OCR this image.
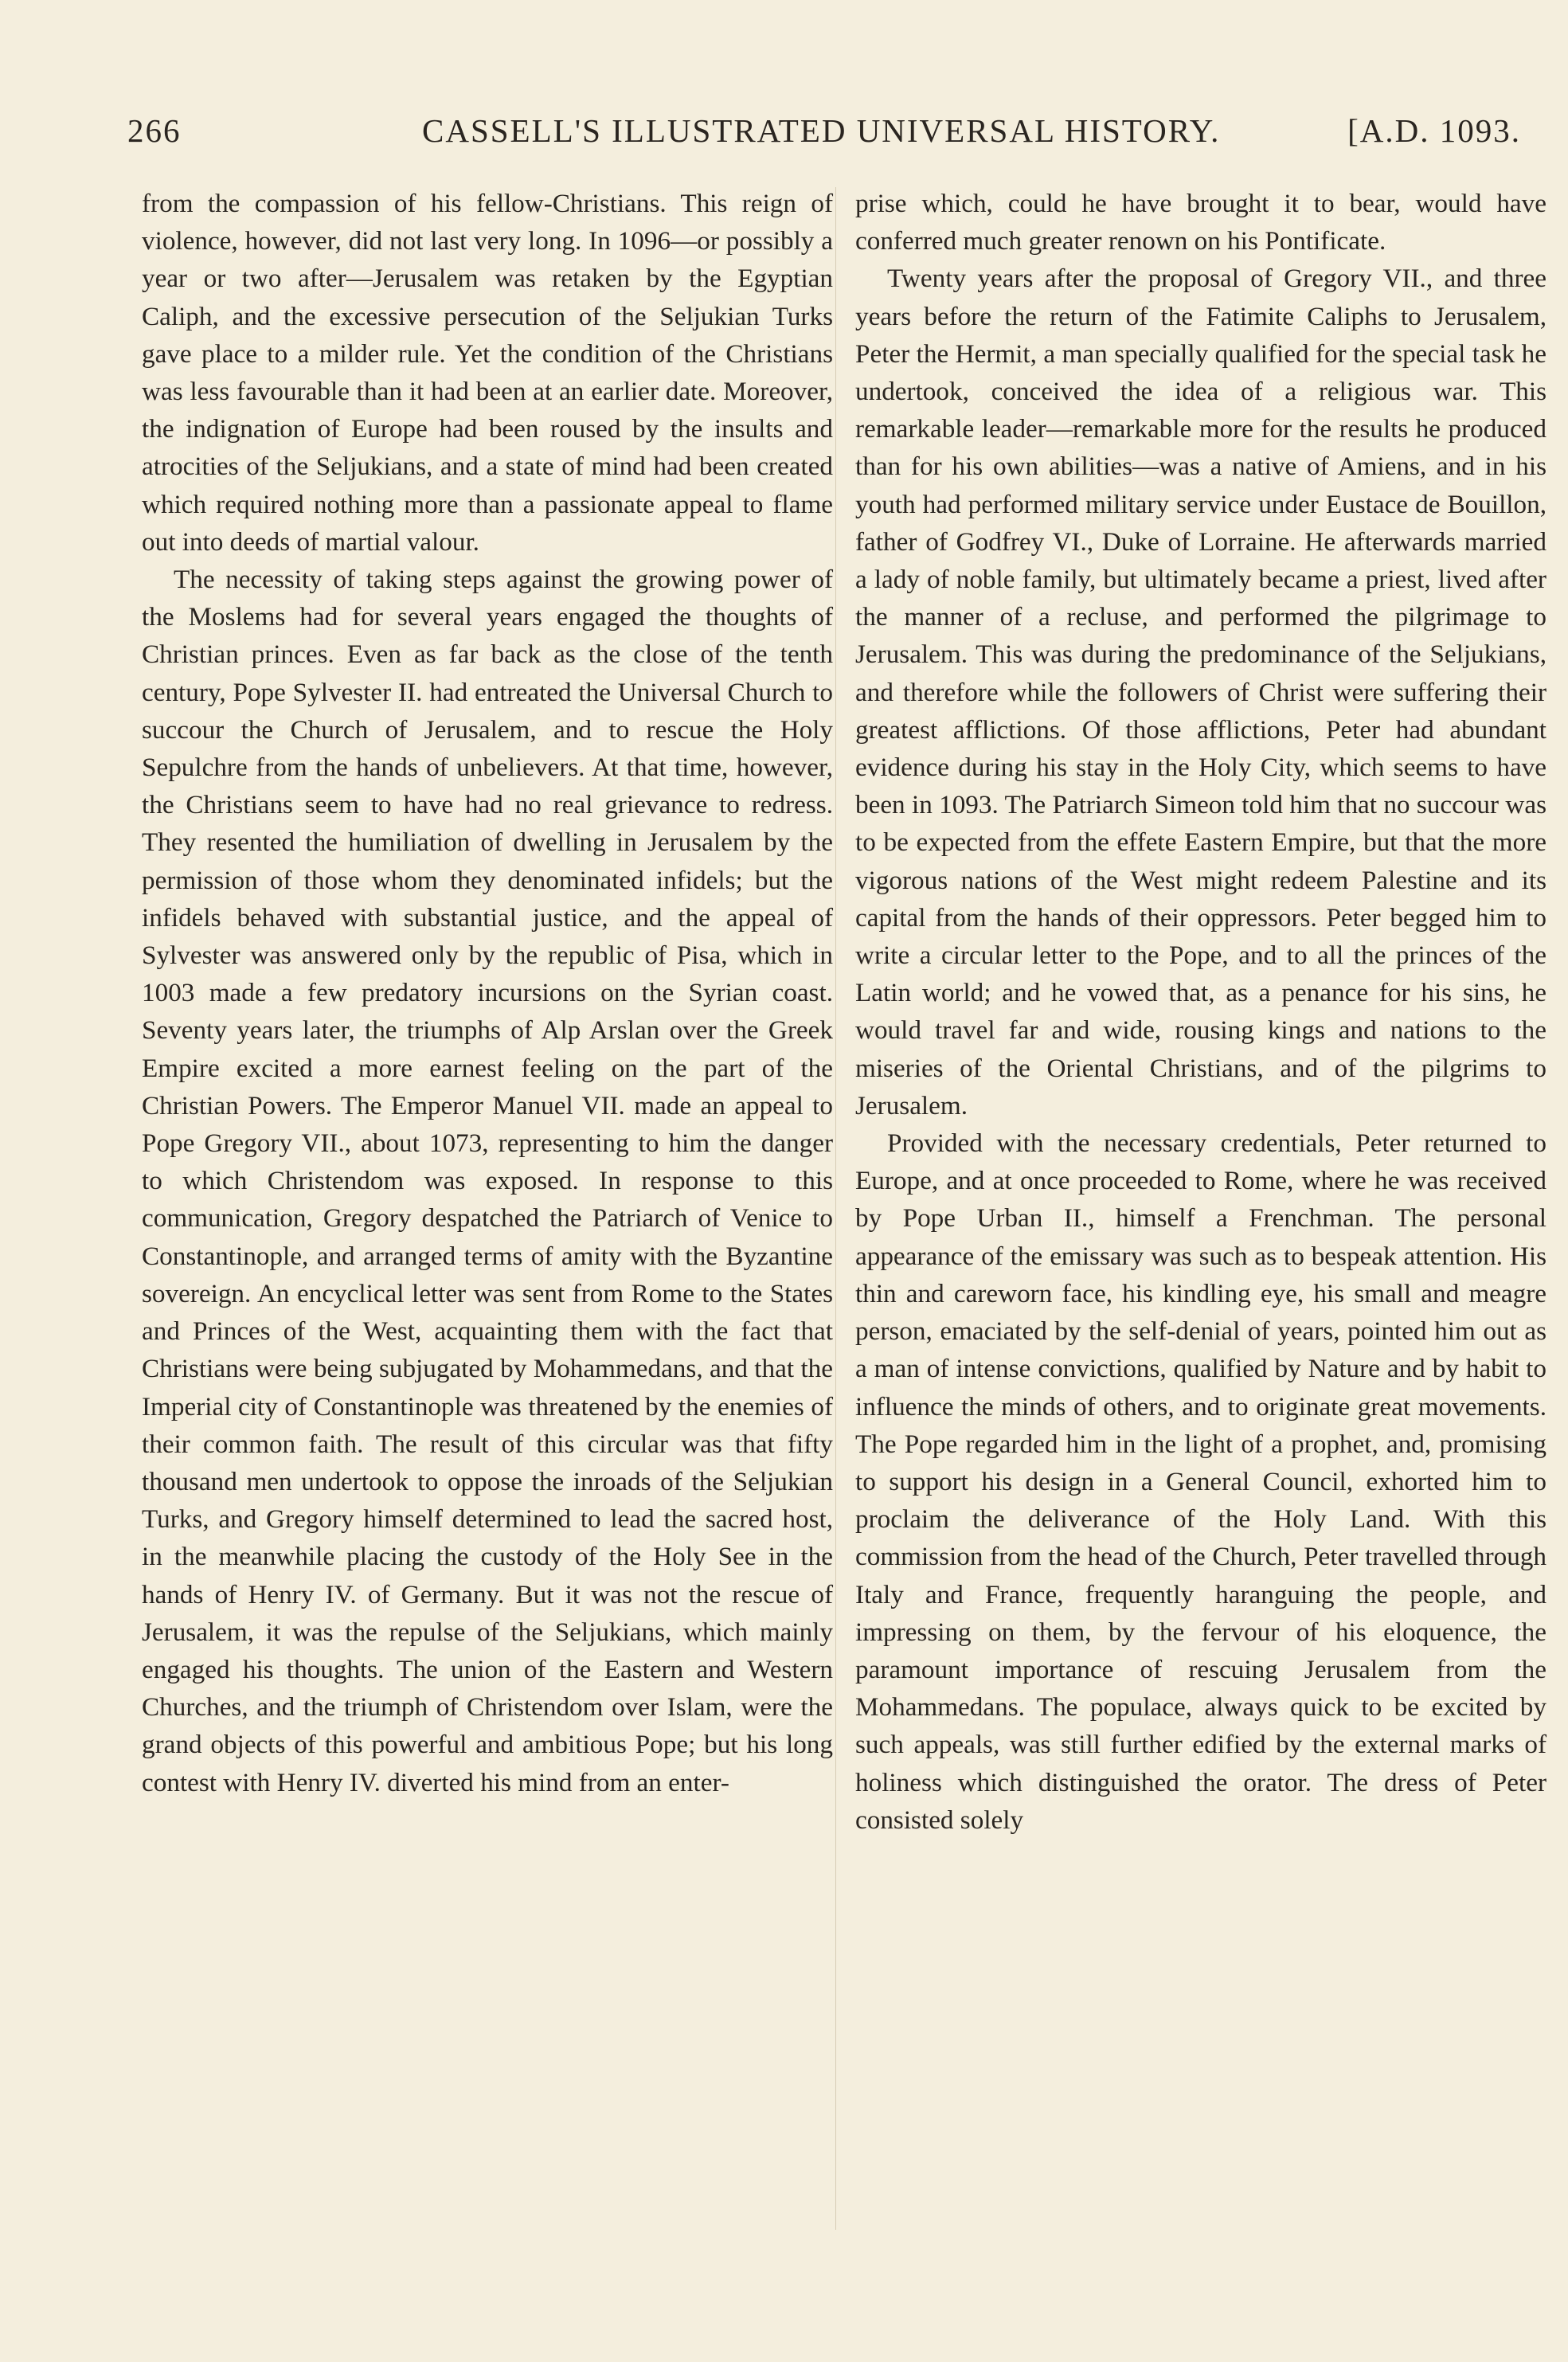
266	CASSELL'S ILLUSTRATED UNIVERSAL HISTORY.	[A.D. 1093.

from the compassion of his fellow-Christians. This reign of violence, however, did not last very long. In 1096—or possibly a year or two after—Jerusalem was retaken by the Egyptian Caliph, and the excessive persecution of the Seljukian Turks gave place to a milder rule. Yet the condition of the Christians was less favourable than it had been at an earlier date. Moreover, the indignation of Europe had been roused by the insults and atrocities of the Seljukians, and a state of mind had been created which required nothing more than a passionate appeal to flame out into deeds of martial valour.

The necessity of taking steps against the growing power of the Moslems had for several years engaged the thoughts of Christian princes. Even as far back as the close of the tenth century, Pope Sylvester II. had entreated the Universal Church to succour the Church of Jerusalem, and to rescue the Holy Sepulchre from the hands of unbelievers. At that time, however, the Christians seem to have had no real grievance to redress. They resented the humiliation of dwelling in Jerusalem by the permission of those whom they denominated infidels; but the infidels behaved with substantial justice, and the appeal of Sylvester was answered only by the republic of Pisa, which in 1003 made a few predatory incursions on the Syrian coast. Seventy years later, the triumphs of Alp Arslan over the Greek Empire excited a more earnest feeling on the part of the Christian Powers. The Emperor Manuel VII. made an appeal to Pope Gregory VII., about 1073, representing to him the danger to which Christendom was exposed. In response to this communication, Gregory despatched the Patriarch of Venice to Constantinople, and arranged terms of amity with the Byzantine sovereign. An encyclical letter was sent from Rome to the States and Princes of the West, acquainting them with the fact that Christians were being subjugated by Mohammedans, and that the Imperial city of Constantinople was threatened by the enemies of their common faith. The result of this circular was that fifty thousand men undertook to oppose the inroads of the Seljukian Turks, and Gregory himself determined to lead the sacred host, in the meanwhile placing the custody of the Holy See in the hands of Henry IV. of Germany. But it was not the rescue of Jerusalem, it was the repulse of the Seljukians, which mainly engaged his thoughts. The union of the Eastern and Western Churches, and the triumph of Christendom over Islam, were the grand objects of this powerful and ambitious Pope; but his long contest with Henry IV. diverted his mind from an enter-

prise which, could he have brought it to bear, would have conferred much greater renown on his Pontificate.

Twenty years after the proposal of Gregory VII., and three years before the return of the Fatimite Caliphs to Jerusalem, Peter the Hermit, a man specially qualified for the special task he undertook, conceived the idea of a religious war. This remarkable leader—remarkable more for the results he produced than for his own abilities—was a native of Amiens, and in his youth had performed military service under Eustace de Bouillon, father of Godfrey VI., Duke of Lorraine. He afterwards married a lady of noble family, but ultimately became a priest, lived after the manner of a recluse, and performed the pilgrimage to Jerusalem. This was during the predominance of the Seljukians, and therefore while the followers of Christ were suffering their greatest afflictions. Of those afflictions, Peter had abundant evidence during his stay in the Holy City, which seems to have been in 1093. The Patriarch Simeon told him that no succour was to be expected from the effete Eastern Empire, but that the more vigorous nations of the West might redeem Palestine and its capital from the hands of their oppressors. Peter begged him to write a circular letter to the Pope, and to all the princes of the Latin world; and he vowed that, as a penance for his sins, he would travel far and wide, rousing kings and nations to the miseries of the Oriental Christians, and of the pilgrims to Jerusalem.

Provided with the necessary credentials, Peter returned to Europe, and at once proceeded to Rome, where he was received by Pope Urban II., himself a Frenchman. The personal appearance of the emissary was such as to bespeak attention. His thin and careworn face, his kindling eye, his small and meagre person, emaciated by the self-denial of years, pointed him out as a man of intense convictions, qualified by Nature and by habit to influence the minds of others, and to originate great movements. The Pope regarded him in the light of a prophet, and, promising to support his design in a General Council, exhorted him to proclaim the deliverance of the Holy Land. With this commission from the head of the Church, Peter travelled through Italy and France, frequently haranguing the people, and impressing on them, by the fervour of his eloquence, the paramount importance of rescuing Jerusalem from the Mohammedans. The populace, always quick to be excited by such appeals, was still further edified by the external marks of holiness which distinguished the orator. The dress of Peter consisted solely
